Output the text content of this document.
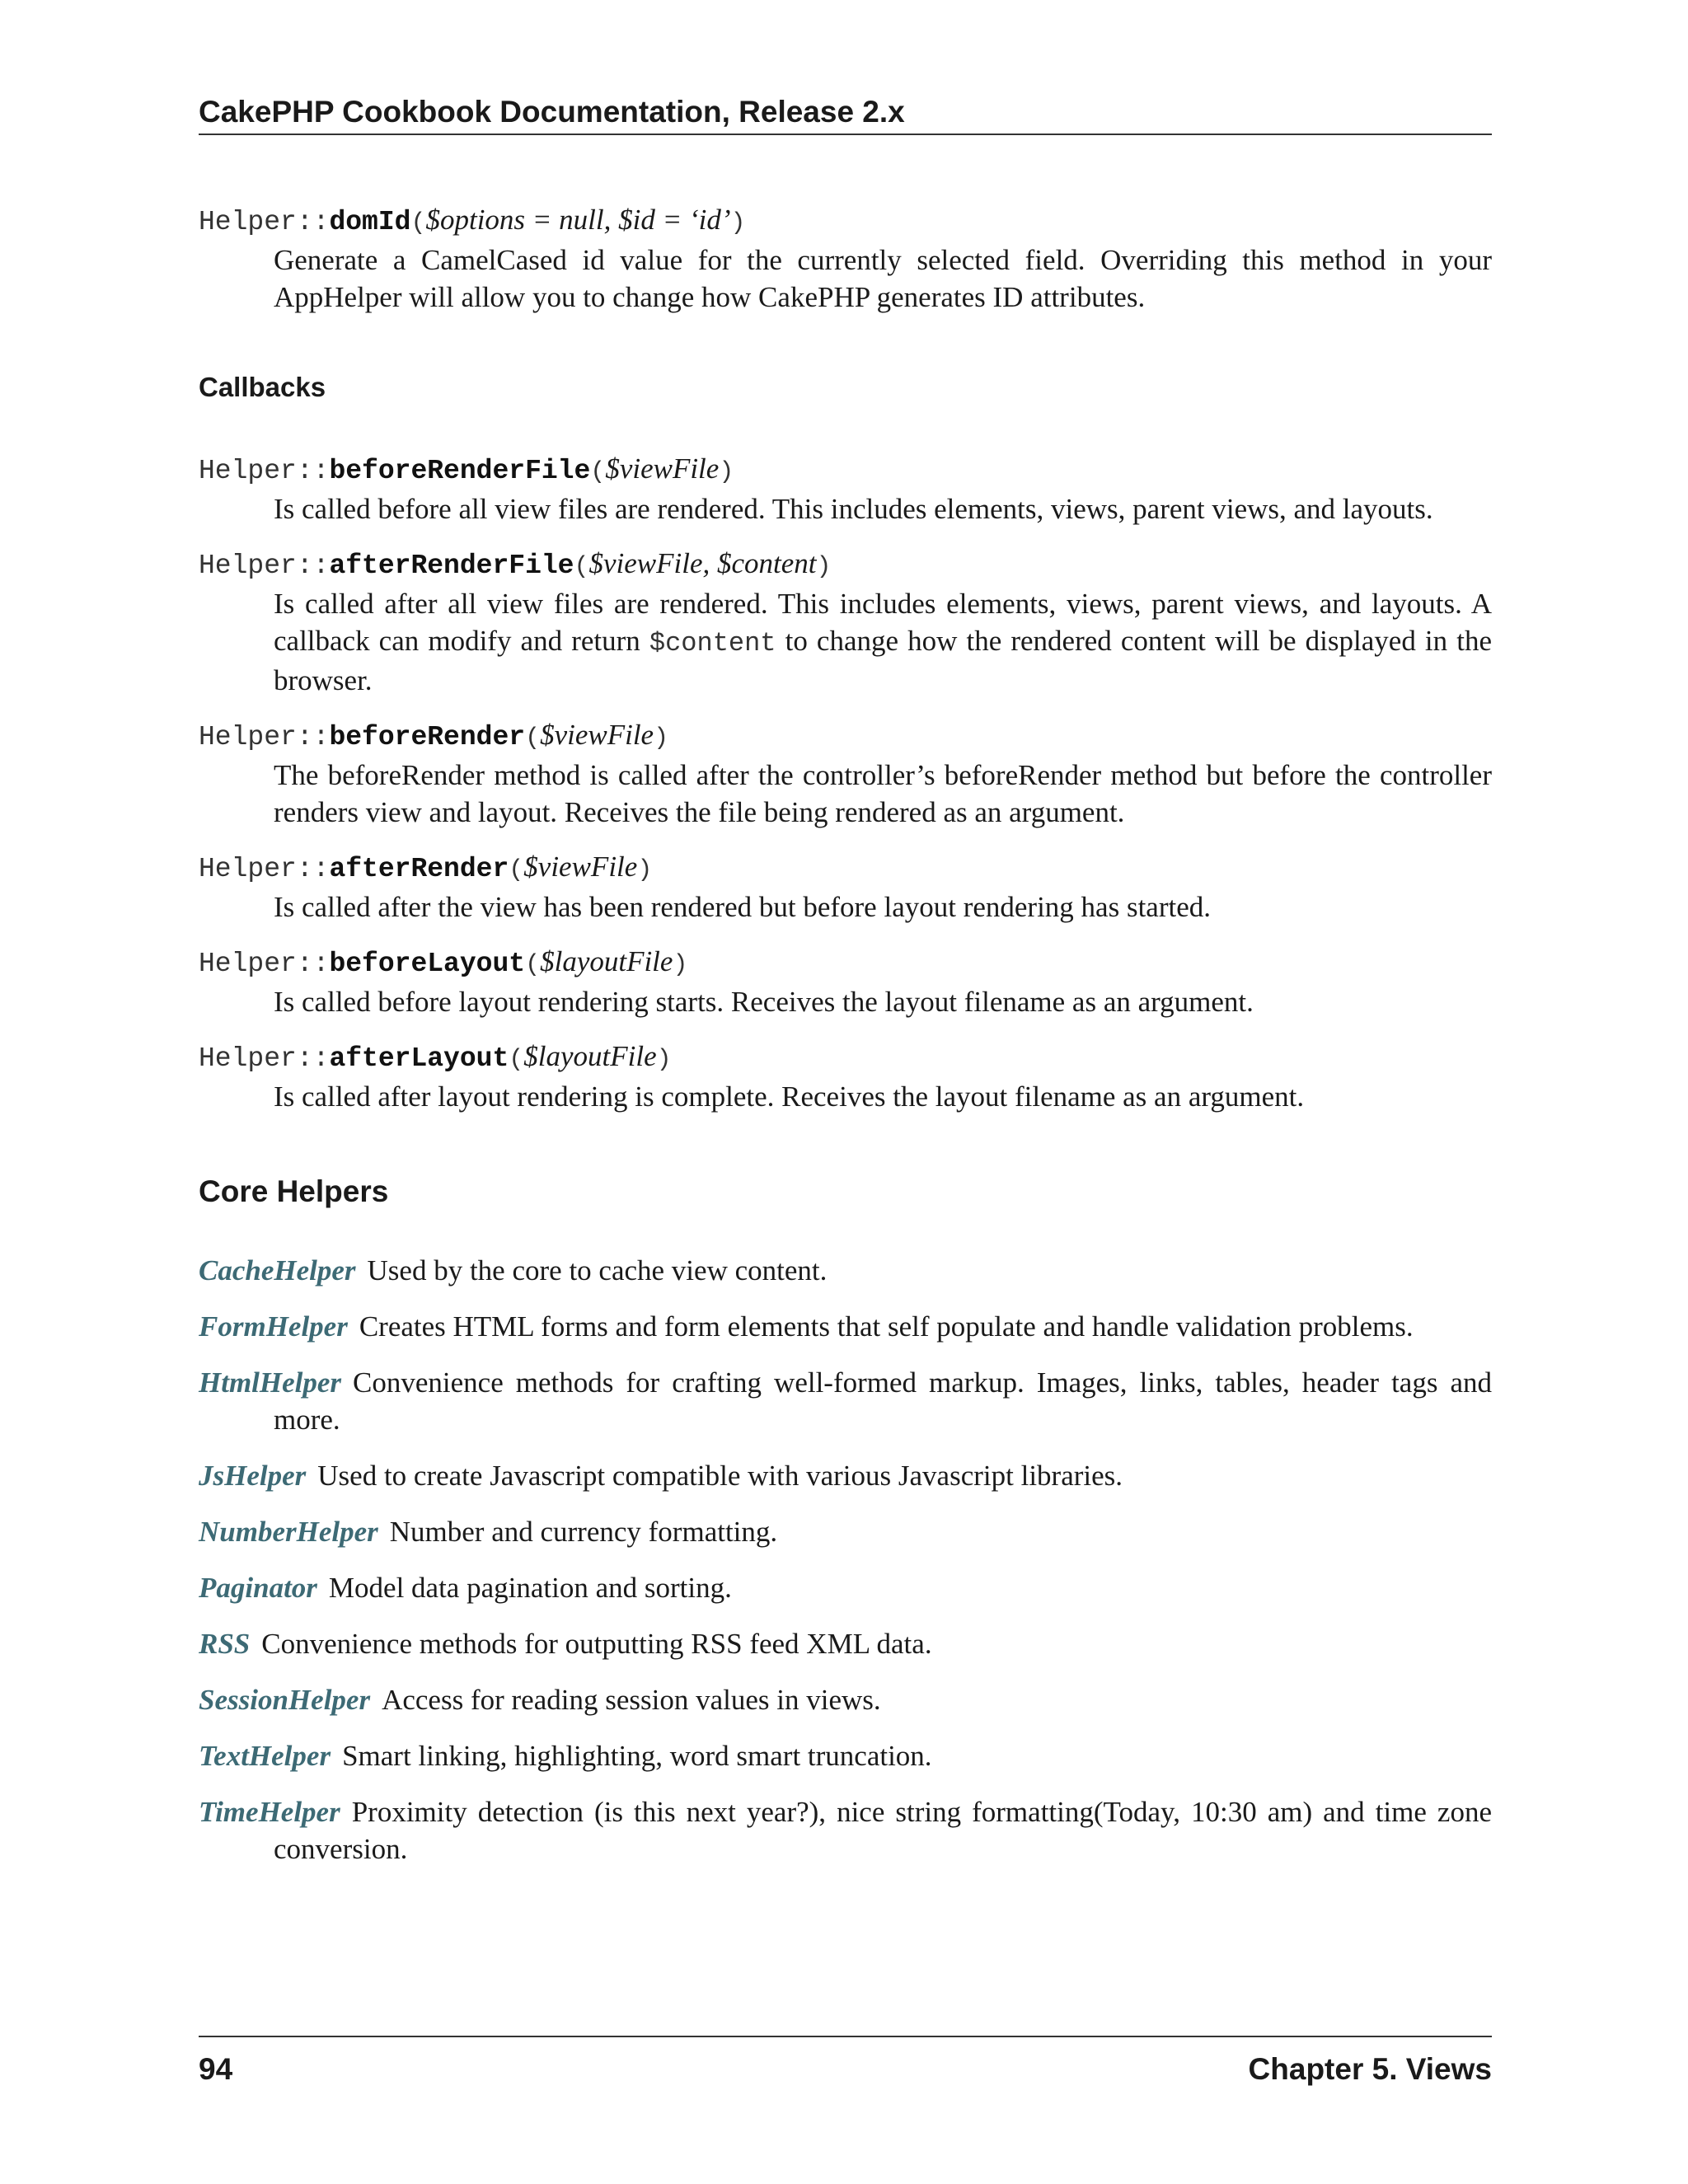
CakePHP Cookbook Documentation, Release 2.x
Helper::domId($options = null, $id = ‘id’)
Generate a CamelCased id value for the currently selected field. Overriding this method in your AppHelper will allow you to change how CakePHP generates ID attributes.
Callbacks
Helper::beforeRenderFile($viewFile)
Is called before all view files are rendered. This includes elements, views, parent views, and layouts.
Helper::afterRenderFile($viewFile, $content)
Is called after all view files are rendered. This includes elements, views, parent views, and layouts. A callback can modify and return $content to change how the rendered content will be displayed in the browser.
Helper::beforeRender($viewFile)
The beforeRender method is called after the controller’s beforeRender method but before the controller renders view and layout. Receives the file being rendered as an argument.
Helper::afterRender($viewFile)
Is called after the view has been rendered but before layout rendering has started.
Helper::beforeLayout($layoutFile)
Is called before layout rendering starts. Receives the layout filename as an argument.
Helper::afterLayout($layoutFile)
Is called after layout rendering is complete. Receives the layout filename as an argument.
Core Helpers
CacheHelper Used by the core to cache view content.
FormHelper Creates HTML forms and form elements that self populate and handle validation problems.
HtmlHelper Convenience methods for crafting well-formed markup. Images, links, tables, header tags and more.
JsHelper Used to create Javascript compatible with various Javascript libraries.
NumberHelper Number and currency formatting.
Paginator Model data pagination and sorting.
RSS Convenience methods for outputting RSS feed XML data.
SessionHelper Access for reading session values in views.
TextHelper Smart linking, highlighting, word smart truncation.
TimeHelper Proximity detection (is this next year?), nice string formatting(Today, 10:30 am) and time zone conversion.
94	Chapter 5. Views
